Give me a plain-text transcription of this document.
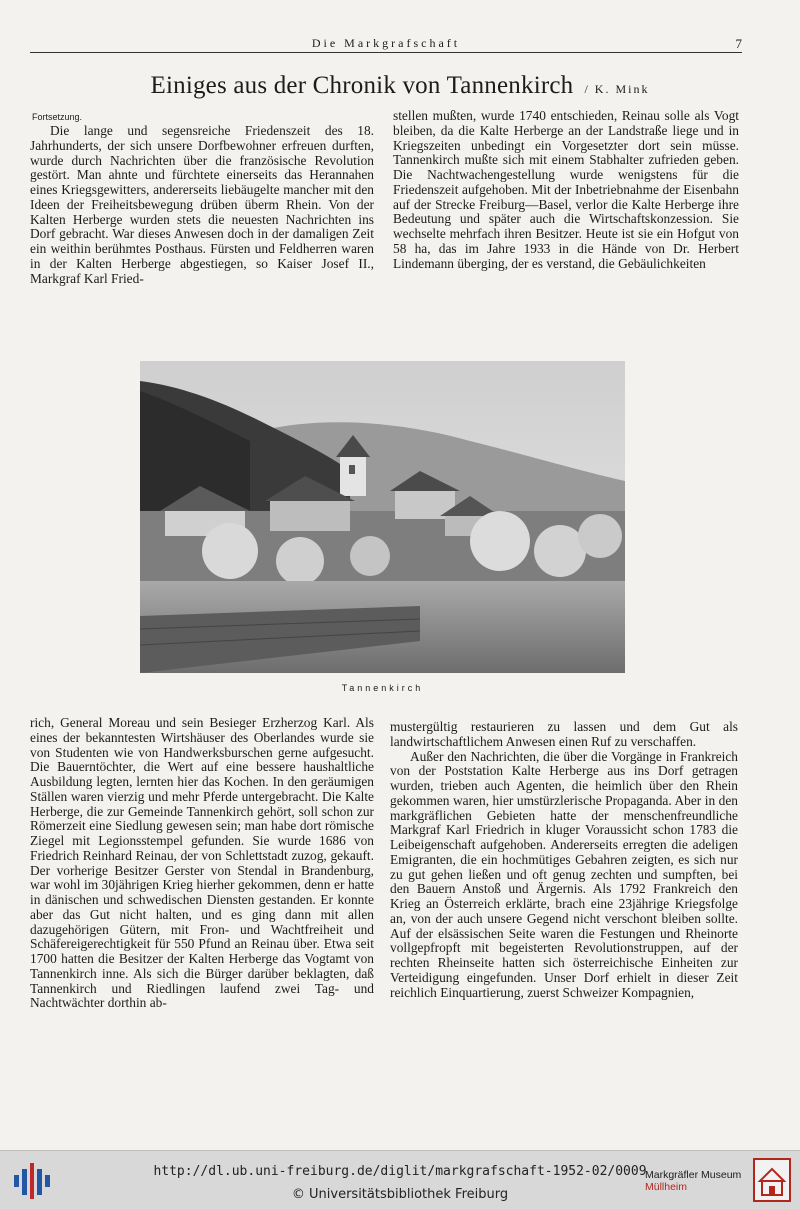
Die Markgrafschaft	7
Einiges aus der Chronik von Tannenkirch / K. Mink
Fortsetzung.

Die lange und segensreiche Friedenszeit des 18. Jahrhunderts, der sich unsere Dorfbewohner erfreuen durften, wurde durch Nachrichten über die französische Revolution gestört. Man ahnte und fürchtete einerseits das Herannahen eines Kriegsgewitters, andererseits liebäugelte mancher mit den Ideen der Freiheitsbewegung drüben überm Rhein. Von der Kalten Herberge wurden stets die neuesten Nachrichten ins Dorf gebracht. War dieses Anwesen doch in der damaligen Zeit ein weithin berühmtes Posthaus. Fürsten und Feldherren waren in der Kalten Herberge abgestiegen, so Kaiser Josef II., Markgraf Karl Fried-

stellen mußten, wurde 1740 entschieden, Reinau solle als Vogt bleiben, da die Kalte Herberge an der Landstraße liege und in Kriegszeiten unbedingt ein Vorgesetzter dort sein müsse. Tannenkirch mußte sich mit einem Stabhalter zufrieden geben. Die Nachtwachengestellung wurde wenigstens für die Friedenszeit aufgehoben. Mit der Inbetriebnahme der Eisenbahn auf der Strecke Freiburg—Basel, verlor die Kalte Herberge ihre Bedeutung und später auch die Wirtschaftskonzession. Sie wechselte mehrfach ihren Besitzer. Heute ist sie ein Hofgut von 58 ha, das im Jahre 1933 in die Hände von Dr. Herbert Lindemann überging, der es verstand, die Gebäulichkeiten

Tannenkirch

rich, General Moreau und sein Besieger Erzherzog Karl. Als eines der bekanntesten Wirtshäuser des Oberlandes wurde sie von Studenten wie von Handwerksburschen gerne aufgesucht. Die Bauerntöchter, die Wert auf eine bessere haushaltliche Ausbildung legten, lernten hier das Kochen. In den geräumigen Ställen waren vierzig und mehr Pferde untergebracht. Die Kalte Herberge, die zur Gemeinde Tannenkirch gehört, soll schon zur Römerzeit eine Siedlung gewesen sein; man habe dort römische Ziegel mit Legionsstempel gefunden. Sie wurde 1686 von Friedrich Reinhard Reinau, der von Schlettstadt zuzog, gekauft. Der vorherige Besitzer Gerster von Stendal in Brandenburg, war wohl im 30jährigen Krieg hierher gekommen, denn er hatte in dänischen und schwedischen Diensten gestanden. Er konnte aber das Gut nicht halten, und es ging dann mit allen dazugehörigen Gütern, mit Fron- und Wachtfreiheit und Schäfereigerechtigkeit für 550 Pfund an Reinau über. Etwa seit 1700 hatten die Besitzer der Kalten Herberge das Vogtamt von Tannenkirch inne. Als sich die Bürger darüber beklagten, daß Tannenkirch und Riedlingen laufend zwei Tag- und Nachtwächter dorthin ab-

mustergültig restaurieren zu lassen und dem Gut als landwirtschaftlichem Anwesen einen Ruf zu verschaffen.

Außer den Nachrichten, die über die Vorgänge in Frankreich von der Poststation Kalte Herberge aus ins Dorf getragen wurden, trieben auch Agenten, die heimlich über den Rhein gekommen waren, hier umstürzlerische Propaganda. Aber in den markgräflichen Gebieten hatte der menschenfreundliche Markgraf Karl Friedrich in kluger Voraussicht schon 1783 die Leibeigenschaft aufgehoben. Andererseits erregten die adeligen Emigranten, die ein hochmütiges Gebahren zeigten, es sich nur zu gut gehen ließen und oft genug zechten und sumpften, bei den Bauern Anstoß und Ärgernis. Als 1792 Frankreich den Krieg an Österreich erklärte, brach eine 23jährige Kriegsfolge an, von der auch unsere Gegend nicht verschont bleiben sollte. Auf der elsässischen Seite waren die Festungen und Rheinorte vollgepfropft mit begeisterten Revolutionstruppen, auf der rechten Rheinseite hatten sich österreichische Einheiten zur Verteidigung eingefunden. Unser Dorf erhielt in dieser Zeit reichlich Einquartierung, zuerst Schweizer Kompagnien,

http://dl.ub.uni-freiburg.de/diglit/markgrafschaft-1952-02/0009
© Universitätsbibliothek Freiburg
Markgräfler Museum
Müllheim
